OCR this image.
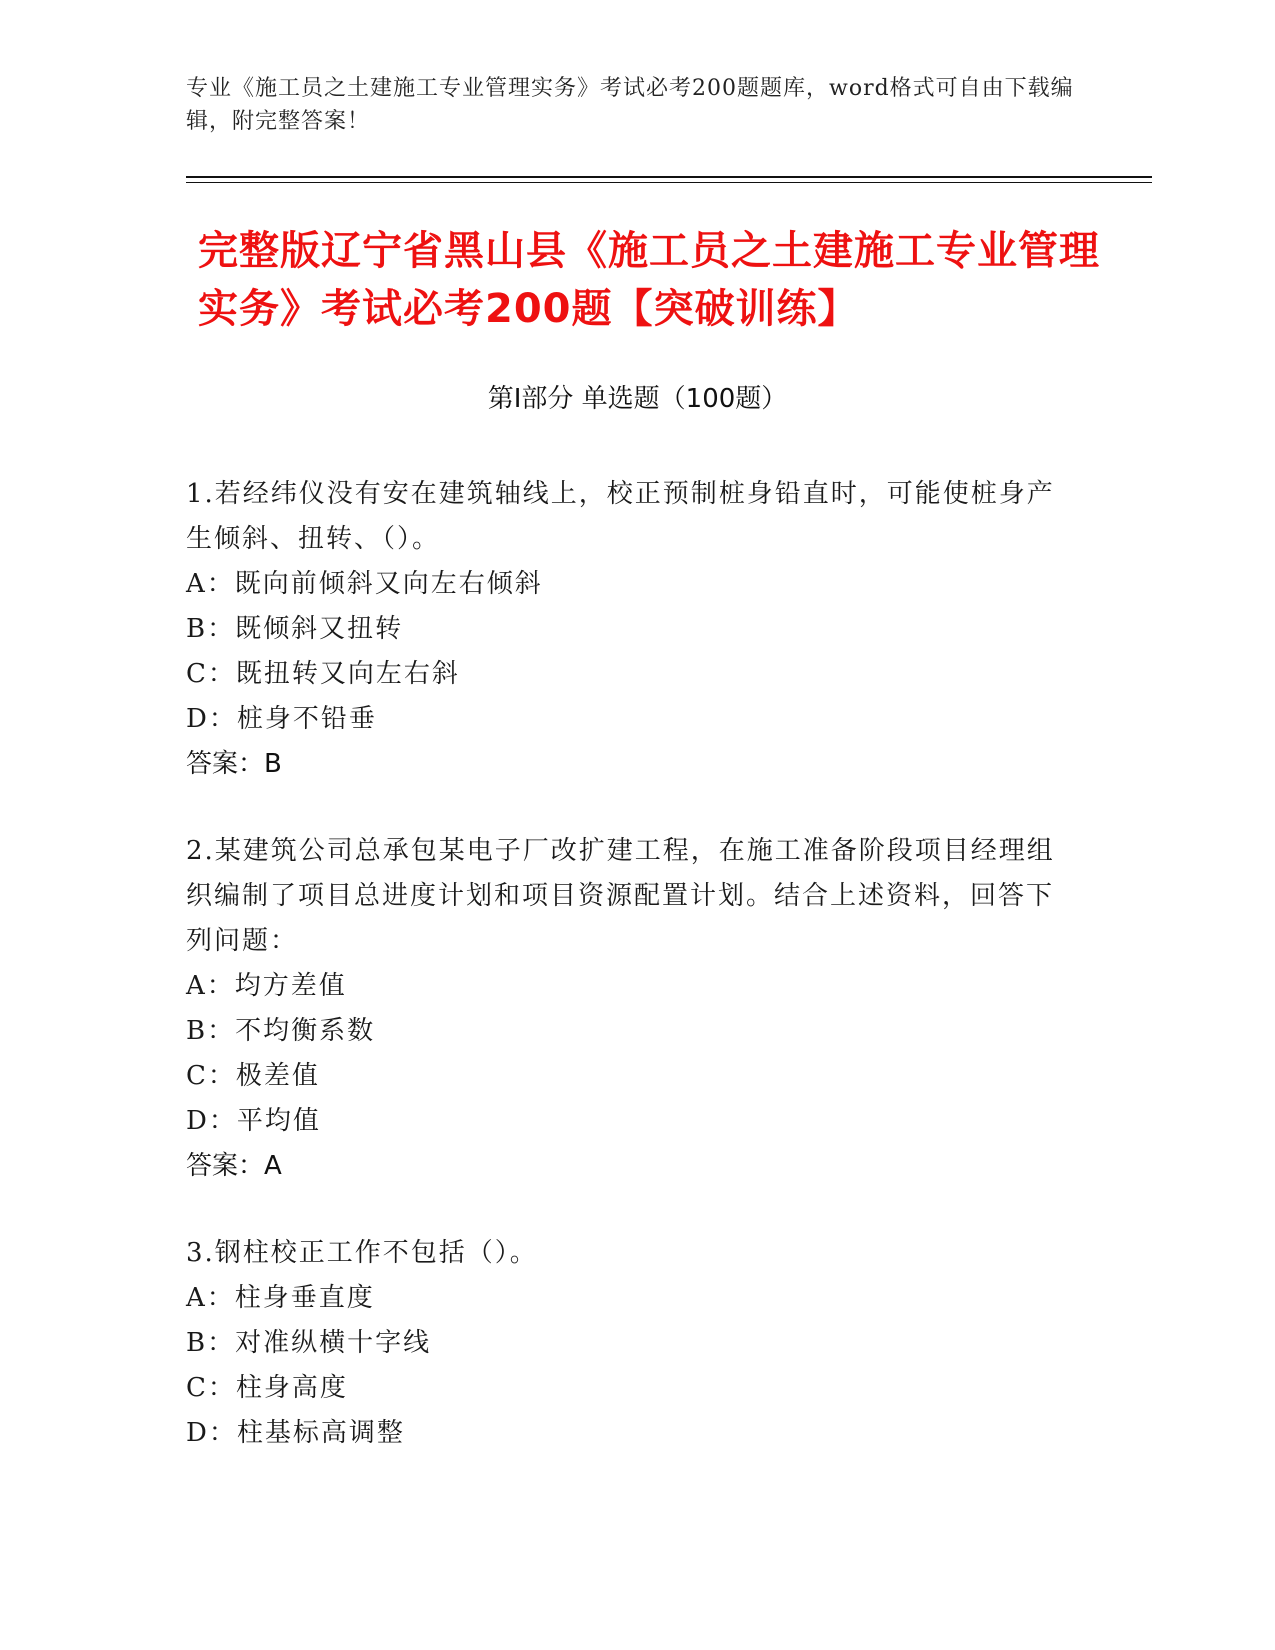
专业《施工员之土建施工专业管理实务》考试必考200题题库，word格式可自由下载编辑，附完整答案！
完整版辽宁省黑山县《施工员之土建施工专业管理实务》考试必考200题【突破训练】
第I部分 单选题（100题）
1.若经纬仪没有安在建筑轴线上，校正预制桩身铅直时，可能使桩身产生倾斜、扭转、（）。
A：既向前倾斜又向左右倾斜
B：既倾斜又扭转
C：既扭转又向左右斜
D：桩身不铅垂
答案：B
2.某建筑公司总承包某电子厂改扩建工程，在施工准备阶段项目经理组织编制了项目总进度计划和项目资源配置计划。结合上述资料，回答下列问题：
A：均方差值
B：不均衡系数
C：极差值
D：平均值
答案：A
3.钢柱校正工作不包括（）。
A：柱身垂直度
B：对准纵横十字线
C：柱身高度
D：柱基标高调整
